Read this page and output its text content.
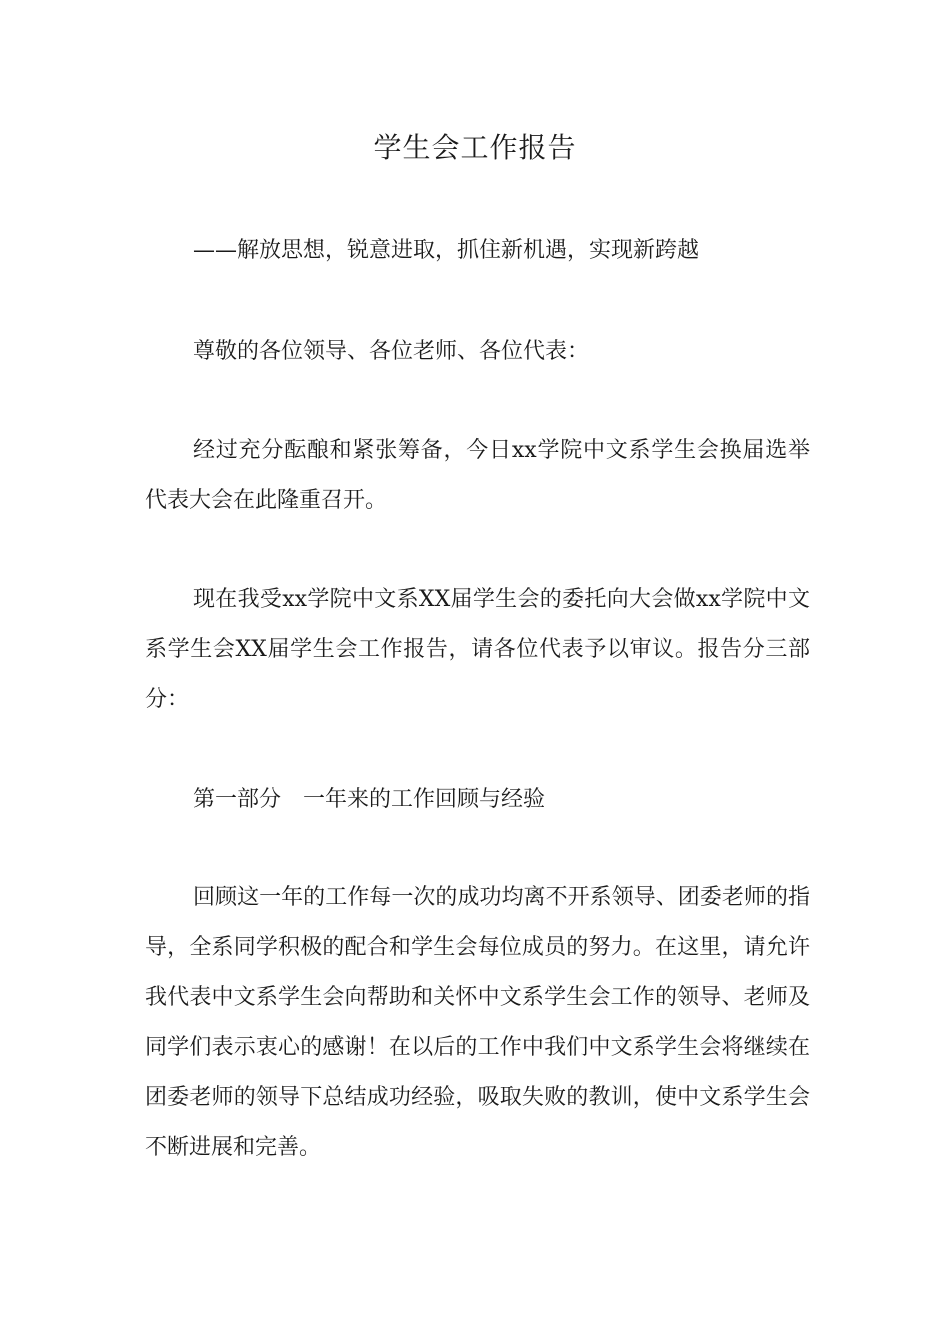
学生会工作报告

——解放思想，锐意进取，抓住新机遇，实现新跨越

尊敬的各位领导、各位老师、各位代表：

经过充分酝酿和紧张筹备，今日xx学院中文系学生会换届选举代表大会在此隆重召开。

现在我受xx学院中文系XX届学生会的委托向大会做xx学院中文系学生会XX届学生会工作报告，请各位代表予以审议。报告分三部分：

第一部分　一年来的工作回顾与经验

回顾这一年的工作每一次的成功均离不开系领导、团委老师的指导，全系同学积极的配合和学生会每位成员的努力。在这里，请允许我代表中文系学生会向帮助和关怀中文系学生会工作的领导、老师及同学们表示衷心的感谢！在以后的工作中我们中文系学生会将继续在团委老师的领导下总结成功经验，吸取失败的教训，使中文系学生会不断进展和完善。
